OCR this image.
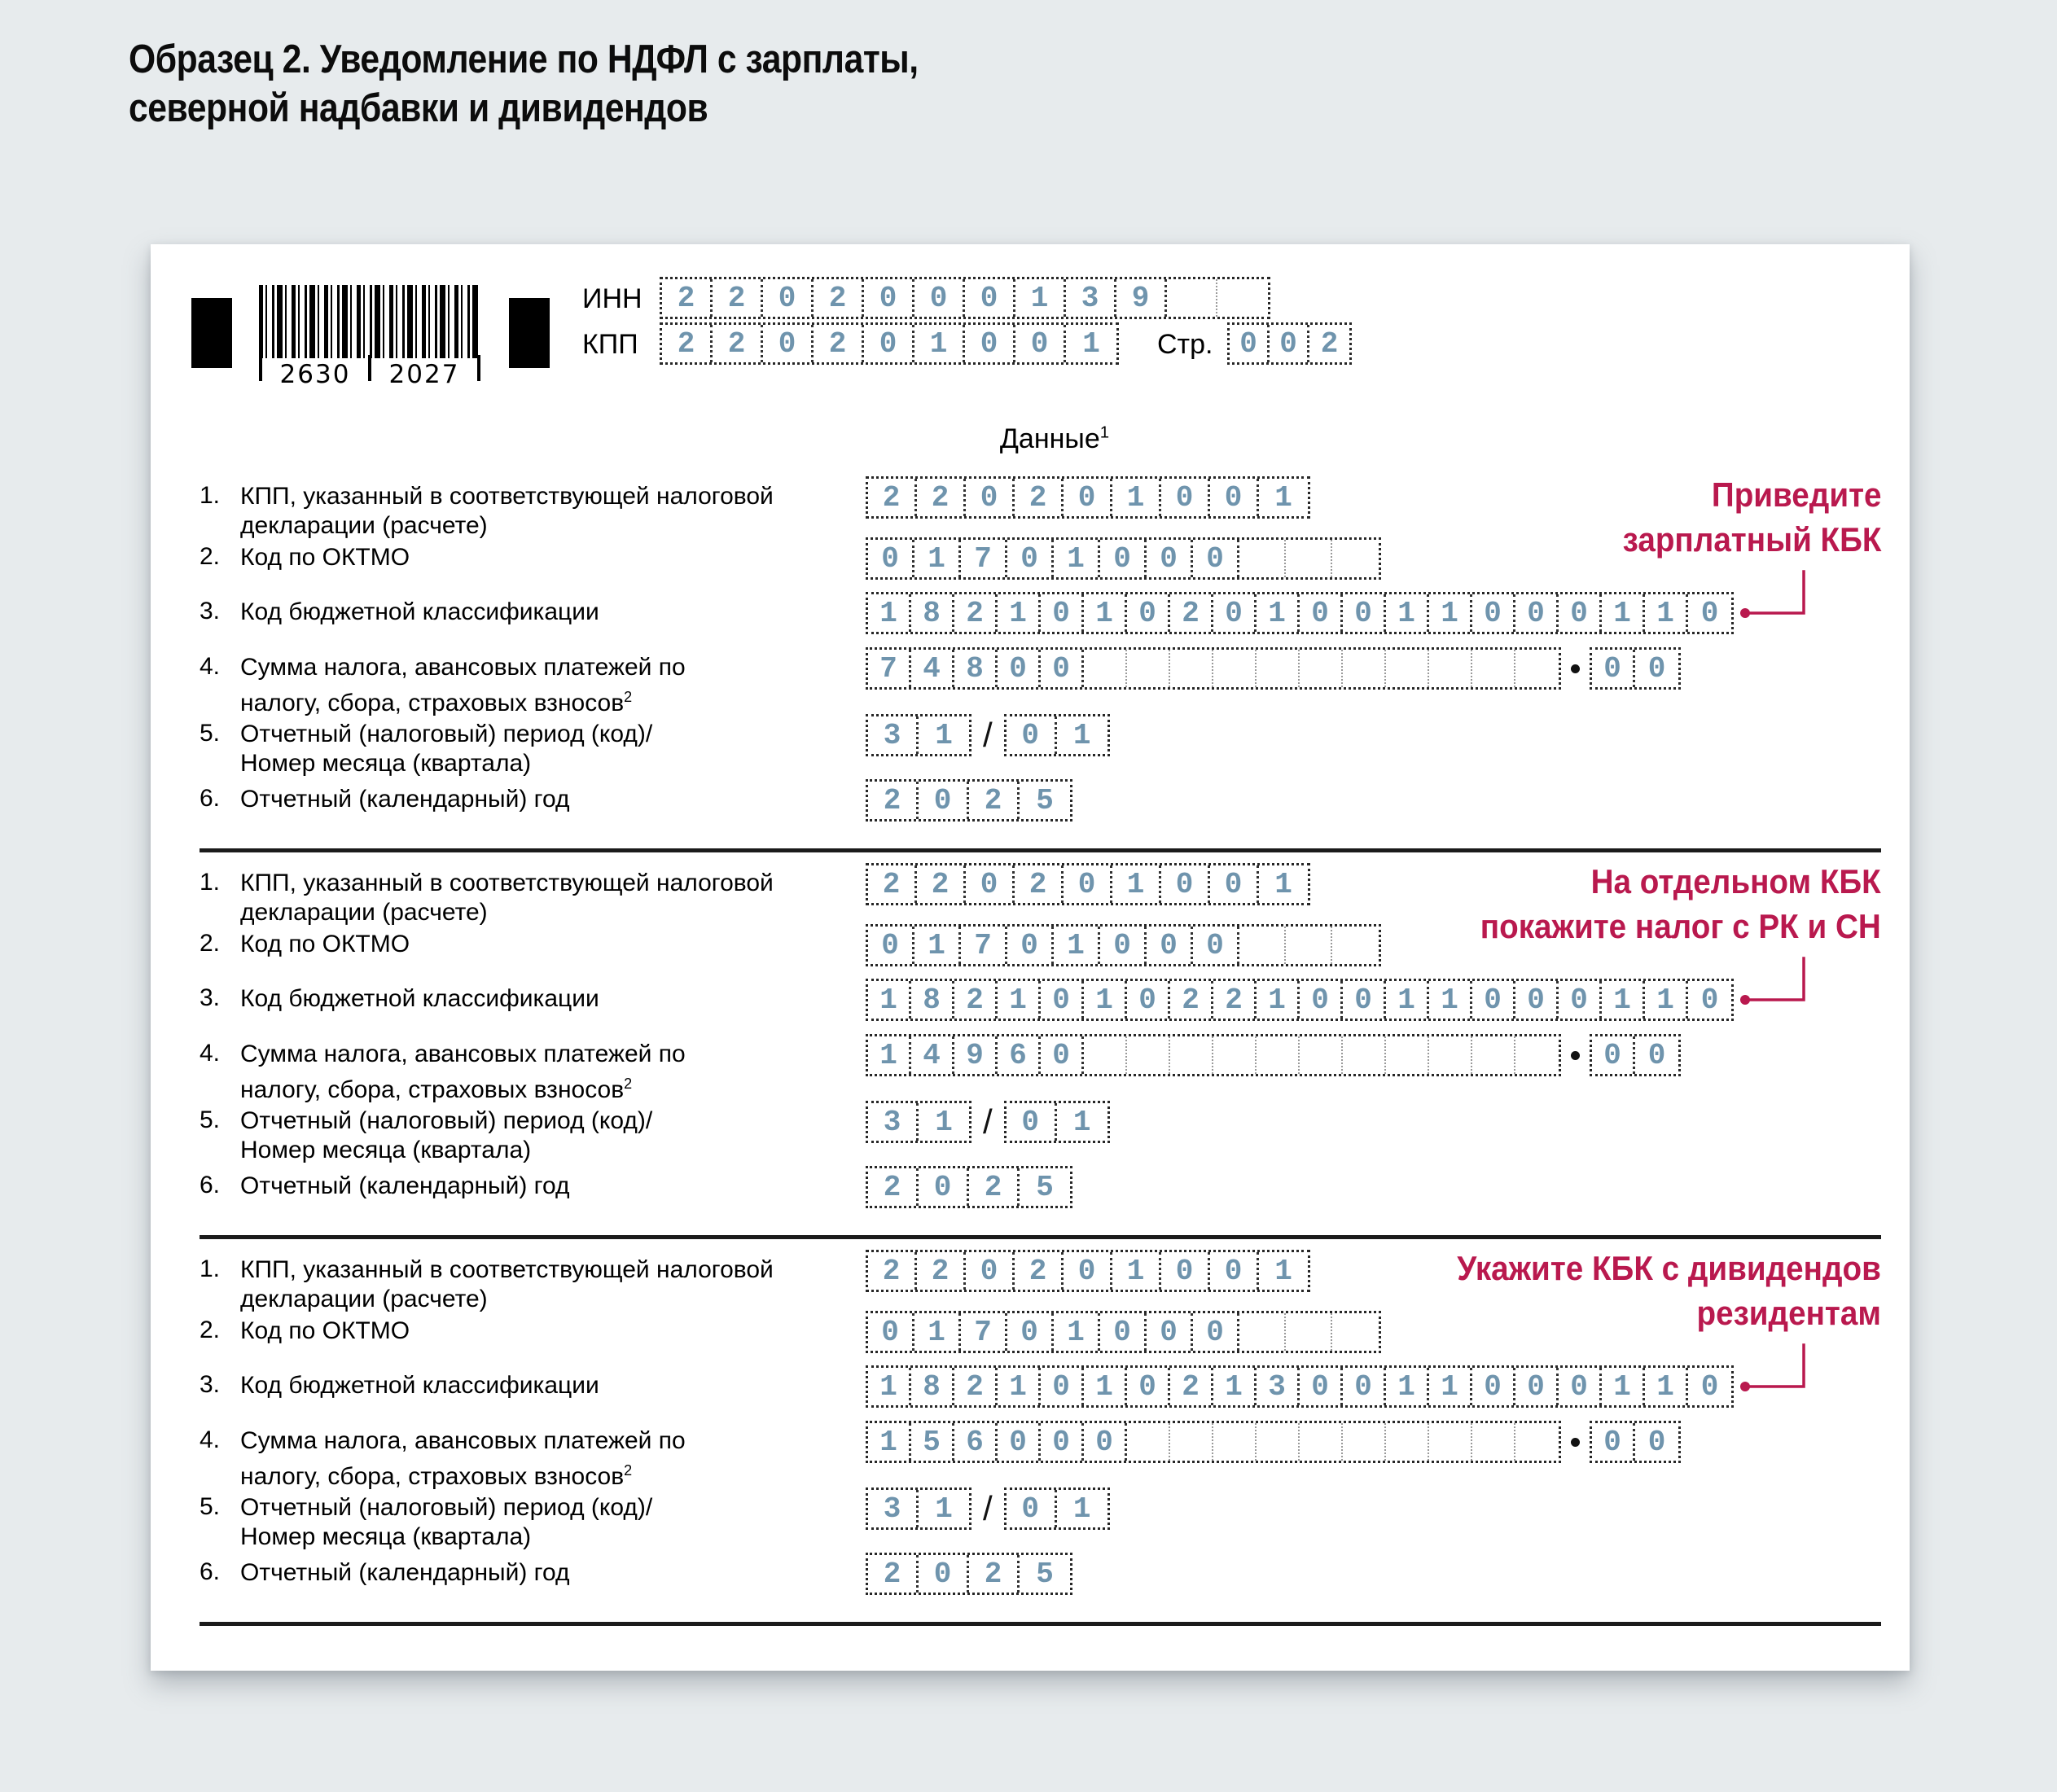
Образец 2. Уведомление по НДФЛ с зарплаты,
северной надбавки и дивидендов
2630 2027
ИНН	2	2	0	2	0	0	0	1	3	9
КПП	2	2	0	2	0	1	0	0	1	Стр. 0 0 2
Данные$^1$
1. КПП, указанный в соответствующей налоговой
декларации (расчете)
2	2	0	2	0	1	0	0	1
2. Код по ОКТМО	0 1 7 0 1 0 0 0
3. Код бюджетной классификации	1 8 2 1 0 1 0 2 0 1 0 0 1 1 0 0 0 1 1 0
4. Сумма налога, авансовых платежей по
налогу, сбора, страховых взносов$^2$
7 4 8 0 0	0 0
5. Отчетный (налоговый) период (код)/
Номер месяца (квартала)
3	1 / 0	1
6. Отчетный (календарный) год	2	0	2	5
1. КПП, указанный в соответствующей налоговой
декларации (расчете)
2	2	0	2	0	1	0	0	1
2. Код по ОКТМО	0 1 7 0 1 0 0 0
3. Код бюджетной классификации	1 8 2 1 0 1 0 2 2 1 0 0 1 1 0 0 0 1 1 0
4. Сумма налога, авансовых платежей по
налогу, сбора, страховых взносов$^2$
1 4 9 6 0	0 0
5. Отчетный (налоговый) период (код)/
Номер месяца (квартала)
3	1 / 0	1
6. Отчетный (календарный) год	2	0	2	5
1. КПП, указанный в соответствующей налоговой
декларации (расчете)
2	2	0	2	0	1	0	0	1
2. Код по ОКТМО	0 1 7 0 1 0 0 0
3. Код бюджетной классификации	1 8 2 1 0 1 0 2 1 3 0 0 1 1 0 0 0 1 1 0
4. Сумма налога, авансовых платежей по
налогу, сбора, страховых взносов$^2$
1 5 6 0 0 0	0 0
5. Отчетный (налоговый) период (код)/
Номер месяца (квартала)
3	1 / 0	1
6. Отчетный (календарный) год	2	0	2	5
Приведите
зарплатный КБК
На отдельном КБК
покажите налог с РК и СН
Укажите КБК с дивидендов
резидентам
